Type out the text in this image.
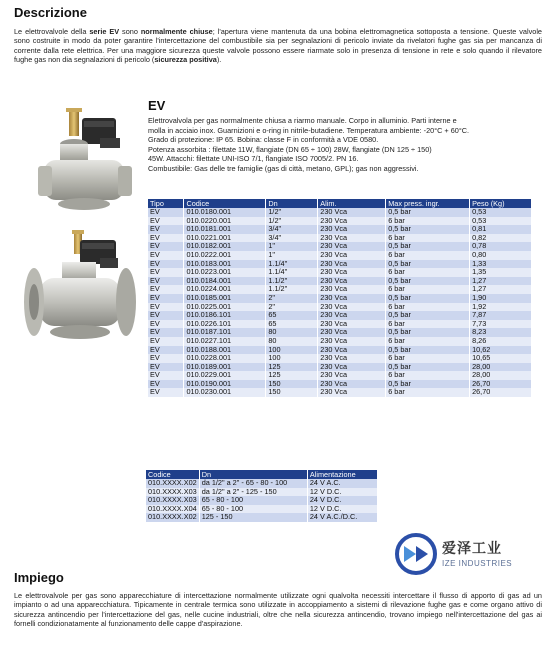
Descrizione
Le elettrovalvole della serie EV sono normalmente chiuse; l'apertura viene mantenuta da una bobina elettromagnetica sottoposta a tensione. Queste valvole sono costruite in modo da poter garantire l'intercettazione del combustibile sia per segnalazioni di pericolo inviate da rivelatori fughe gas sia per mancanza di corrente dalla rete elettrica. Per una maggiore sicurezza queste valvole possono essere riarmate solo in presenza di tensione in rete e solo quando il rilevatore fughe gas non dia segnalazioni di pericolo (sicurezza positiva).
EV
Elettrovalvola per gas normalmente chiusa a riarmo manuale. Corpo in alluminio. Parti interne e
molla in acciaio inox. Guarnizioni e o-ring in nitrile-butadiene. Temperatura ambiente: -20°C + 60°C.
Grado di protezione: IP 65. Bobina: classe F in conformità a VDE 0580.
Potenza assorbita : filettate 11W, flangiate (DN 65 ÷ 100) 28W, flangiate (DN 125 ÷ 150)
45W. Attacchi: filettate UNI-ISO 7/1, flangiate ISO 7005/2. PN 16.
Combustibile: Gas delle tre famiglie (gas di città, metano, GPL); gas non aggressivi.
Tipo	Codice	Dn	Alim.	Max press. ingr.	Peso (Kg)
EV	010.0180.001	1/2"	230 Vca	0,5 bar	0,53
EV	010.0220.001	1/2"	230 Vca	6 bar	0,53
EV	010.0181.001	3/4"	230 Vca	0,5 bar	0,81
EV	010.0221.001	3/4"	230 Vca	6 bar	0,82
EV	010.0182.001	1"	230 Vca	0,5 bar	0,78
EV	010.0222.001	1"	230 Vca	6 bar	0,80
EV	010.0183.001	1.1/4"	230 Vca	0,5 bar	1,33
EV	010.0223.001	1.1/4"	230 Vca	6 bar	1,35
EV	010.0184.001	1.1/2"	230 Vca	0,5 bar	1,27
EV	010.0224.001	1.1/2"	230 Vca	6 bar	1,27
EV	010.0185.001	2"	230 Vca	0,5 bar	1,90
EV	010.0225.001	2"	230 Vca	6 bar	1,92
EV	010.0186.101	65	230 Vca	0,5 bar	7,87
EV	010.0226.101	65	230 Vca	6 bar	7,73
EV	010.0187.101	80	230 Vca	0,5 bar	8,23
EV	010.0227.101	80	230 Vca	6 bar	8,26
EV	010.0188.001	100	230 Vca	0,5 bar	10,62
EV	010.0228.001	100	230 Vca	6 bar	10,65
EV	010.0189.001	125	230 Vca	0,5 bar	28,00
EV	010.0229.001	125	230 Vca	6 bar	28,00
EV	010.0190.001	150	230 Vca	0,5 bar	26,70
EV	010.0230.001	150	230 Vca	6 bar	26,70
Codice	Dn	Alimentazione
010.XXXX.X02	da 1/2" a 2" - 65 - 80 - 100	24 V A.C.
010.XXXX.X03	da 1/2" a 2" - 125 - 150	12 V D.C.
010.XXXX.X03	65 - 80 - 100	24 V D.C.
010.XXXX.X04	65 - 80 - 100	12 V D.C.
010.XXXX.X02	125 - 150	24 V A.C./D.C.
爱泽工业
IZE INDUSTRIES
Impiego
Le elettrovalvole per gas sono apparecchiature di intercettazione normalmente utilizzate ogni qualvolta necessiti intercettare il flusso di apporto di gas ad un impianto o ad una apparecchiatura. Tipicamente in centrale termica sono utilizzate in accoppiamento a sistemi di rilevazione fughe gas e come organo attivo di sicurezza antincendio per l'intercettazione del gas, nelle cucine industriali, oltre che nella sicurezza antincendio, trovano impiego nell'intercettazione del gas ai fornelli condizionatamente al funzionamento delle cappe d'aspirazione.
